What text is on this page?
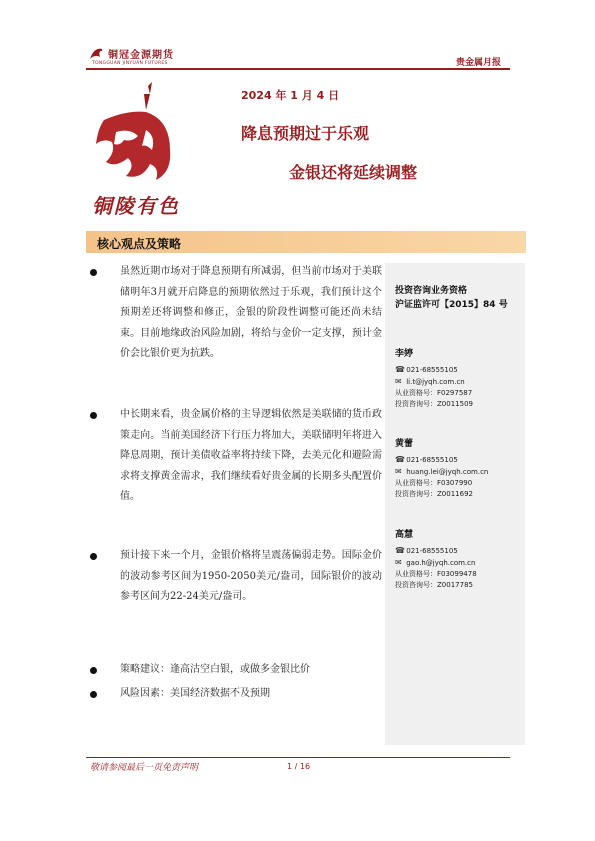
铜冠金源期货
TONGGUAN JINYUAN FUTURES	贵金属月报
铜陵有色
2024 年 1 月 4 日
降息预期过于乐观
金银还将延续调整
核心观点及策略
虽然近期市场对于降息预期有所减弱，但当前市场对于美联储明年3月就开启降息的预期依然过于乐观，我们预计这个预期差还将调整和修正，金银的阶段性调整可能还尚未结束。目前地缘政治风险加剧，将给与金价一定支撑，预计金价会比银价更为抗跌。
中长期来看，贵金属价格的主导逻辑依然是美联储的货币政策走向。当前美国经济下行压力将加大，美联储明年将进入降息周期，预计美债收益率将持续下降，去美元化和避险需求将支撑黄金需求，我们继续看好贵金属的长期多头配置价值。
预计接下来一个月，金银价格将呈震荡偏弱走势。国际金价的波动参考区间为1950-2050美元/盎司，国际银价的波动参考区间为22-24美元/盎司。
策略建议：逢高沽空白银，或做多金银比价
风险因素：美国经济数据不及预期
投资咨询业务资格
沪证监许可【2015】84 号
李婷
☎ 021-68555105
✉ li.t@jyqh.com.cn
从业资格号：F0297587
投资咨询号：Z0011509
黄蕾
☎ 021-68555105
✉ huang.lei@jyqh.com.cn
从业资格号：F0307990
投资咨询号：Z0011692
高慧
☎ 021-68555105
✉ gao.h@jyqh.com.cn
从业资格号：F03099478
投资咨询号：Z0017785
敬请参阅最后一页免责声明	1 / 16
